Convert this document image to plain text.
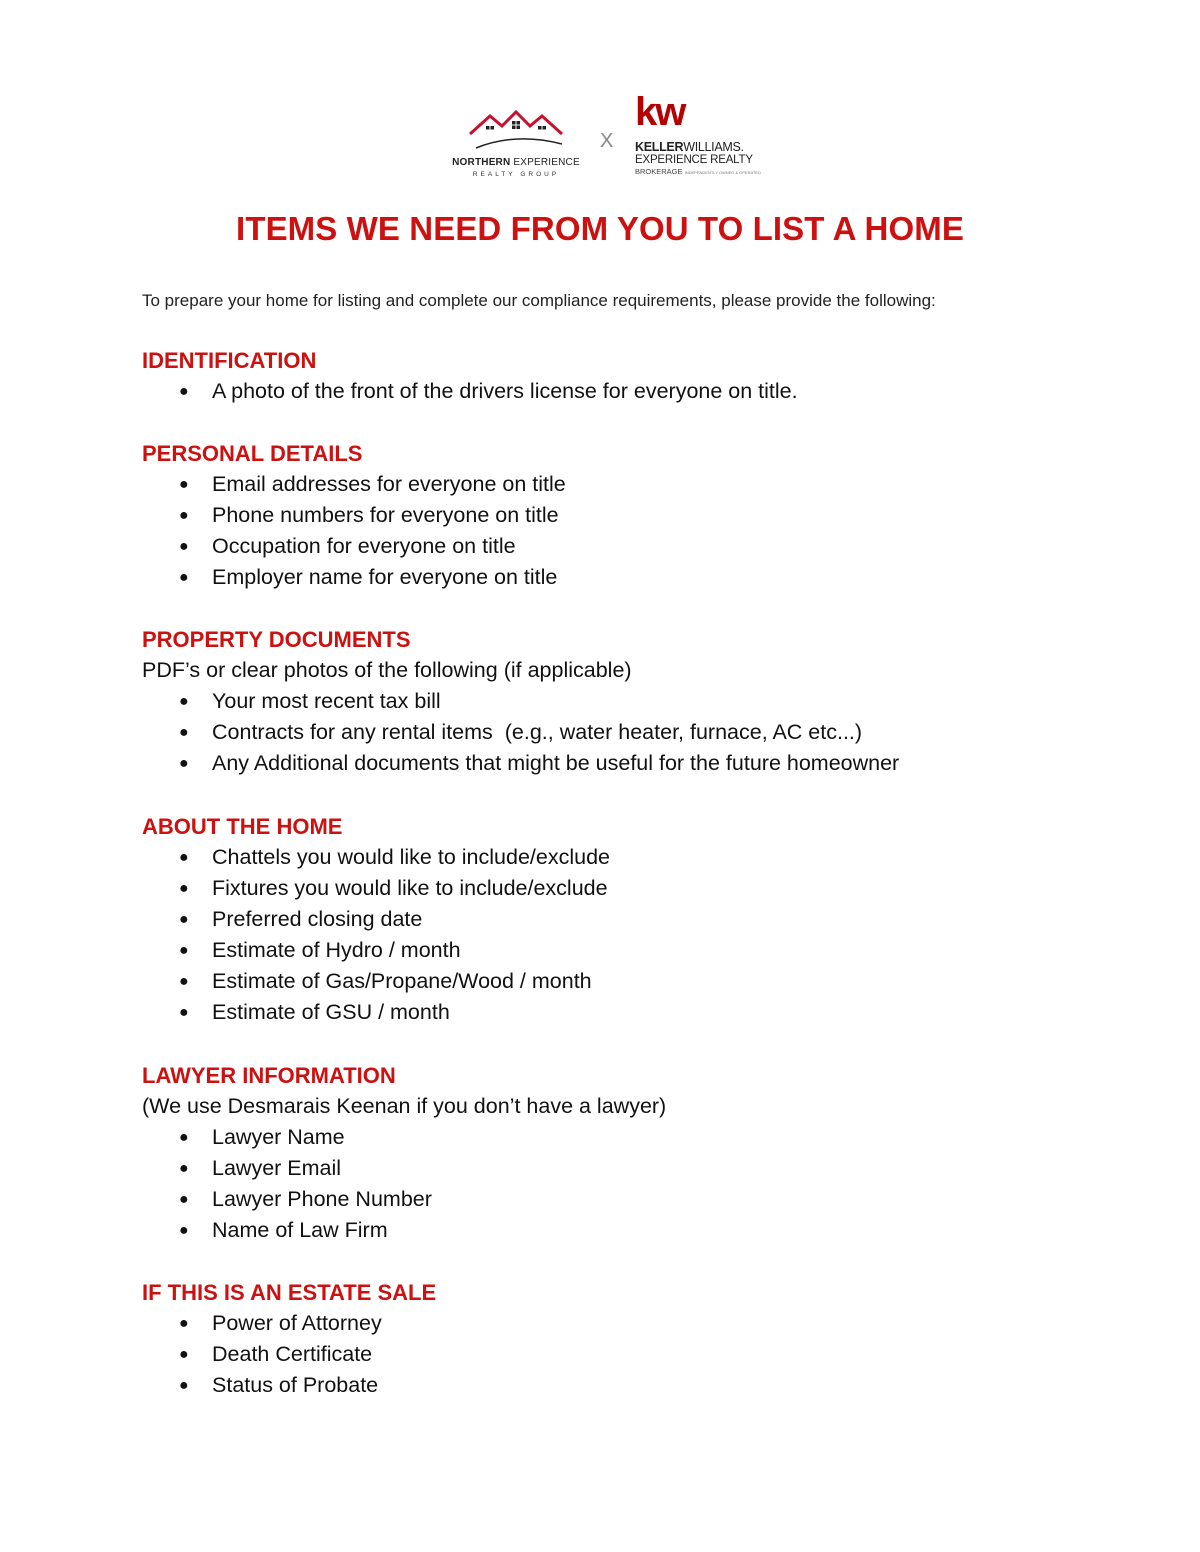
NORTHERN EXPERIENCE
REALTY GROUP
X
kw
KELLERWILLIAMS.
EXPERIENCE REALTY
BROKERAGE INDEPENDENTLY OWNED & OPERATED
ITEMS WE NEED FROM YOU TO LIST A HOME
To prepare your home for listing and complete our compliance requirements, please provide the following:
IDENTIFICATION
● A photo of the front of the drivers license for everyone on title.
PERSONAL DETAILS
● Email addresses for everyone on title
● Phone numbers for everyone on title
● Occupation for everyone on title
● Employer name for everyone on title
PROPERTY DOCUMENTS
PDF’s or clear photos of the following (if applicable)
● Your most recent tax bill
● Contracts for any rental items  (e.g., water heater, furnace, AC etc...)
● Any Additional documents that might be useful for the future homeowner
ABOUT THE HOME
● Chattels you would like to include/exclude
● Fixtures you would like to include/exclude
● Preferred closing date
● Estimate of Hydro / month
● Estimate of Gas/Propane/Wood / month
● Estimate of GSU / month
LAWYER INFORMATION
(We use Desmarais Keenan if you don’t have a lawyer)
● Lawyer Name
● Lawyer Email
● Lawyer Phone Number
● Name of Law Firm
IF THIS IS AN ESTATE SALE
● Power of Attorney
● Death Certificate
● Status of Probate
